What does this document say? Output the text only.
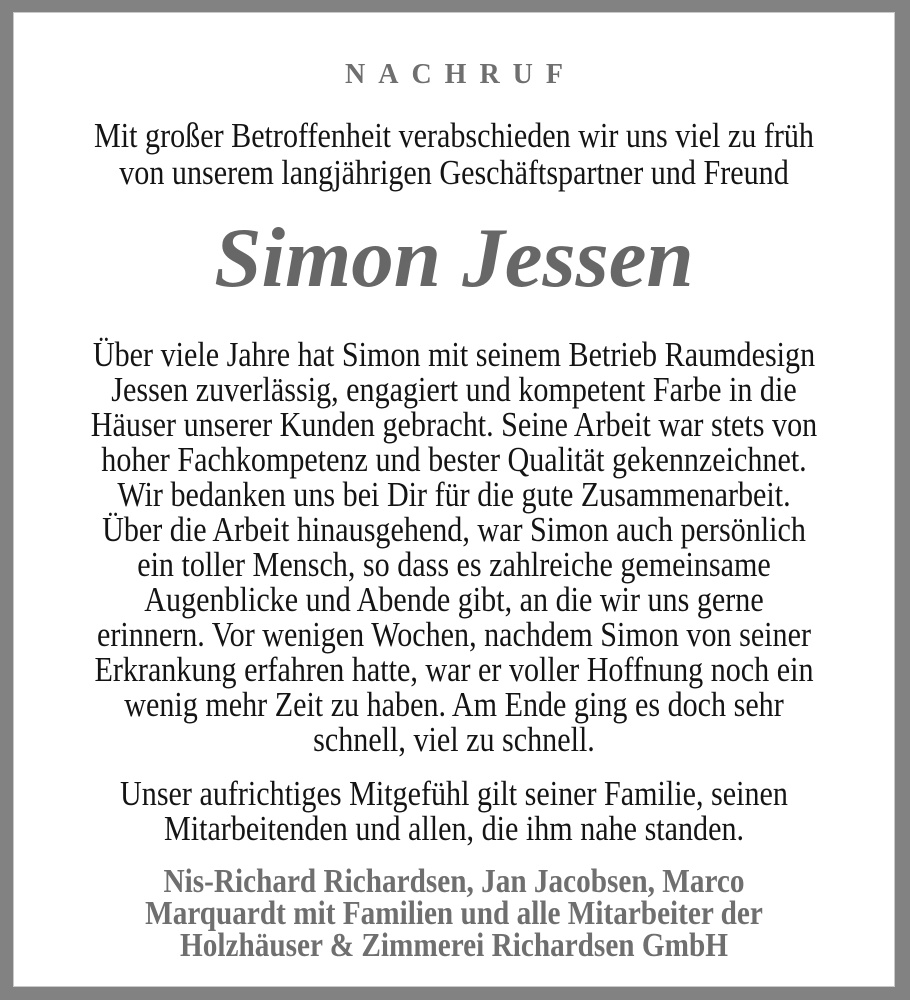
NACHRUF
Mit großer Betroffenheit verabschieden wir uns viel zu früh
von unserem langjährigen Geschäftspartner und Freund
Simon Jessen
Über viele Jahre hat Simon mit seinem Betrieb Raumdesign
Jessen zuverlässig, engagiert und kompetent Farbe in die
Häuser unserer Kunden gebracht. Seine Arbeit war stets von
hoher Fachkompetenz und bester Qualität gekennzeichnet.
Wir bedanken uns bei Dir für die gute Zusammenarbeit.
Über die Arbeit hinausgehend, war Simon auch persönlich
ein toller Mensch, so dass es zahlreiche gemeinsame
Augenblicke und Abende gibt, an die wir uns gerne
erinnern. Vor wenigen Wochen, nachdem Simon von seiner
Erkrankung erfahren hatte, war er voller Hoffnung noch ein
wenig mehr Zeit zu haben. Am Ende ging es doch sehr
schnell, viel zu schnell.
Unser aufrichtiges Mitgefühl gilt seiner Familie, seinen
Mitarbeitenden und allen, die ihm nahe standen.
Nis-Richard Richardsen, Jan Jacobsen, Marco
Marquardt mit Familien und alle Mitarbeiter der
Holzhäuser & Zimmerei Richardsen GmbH
